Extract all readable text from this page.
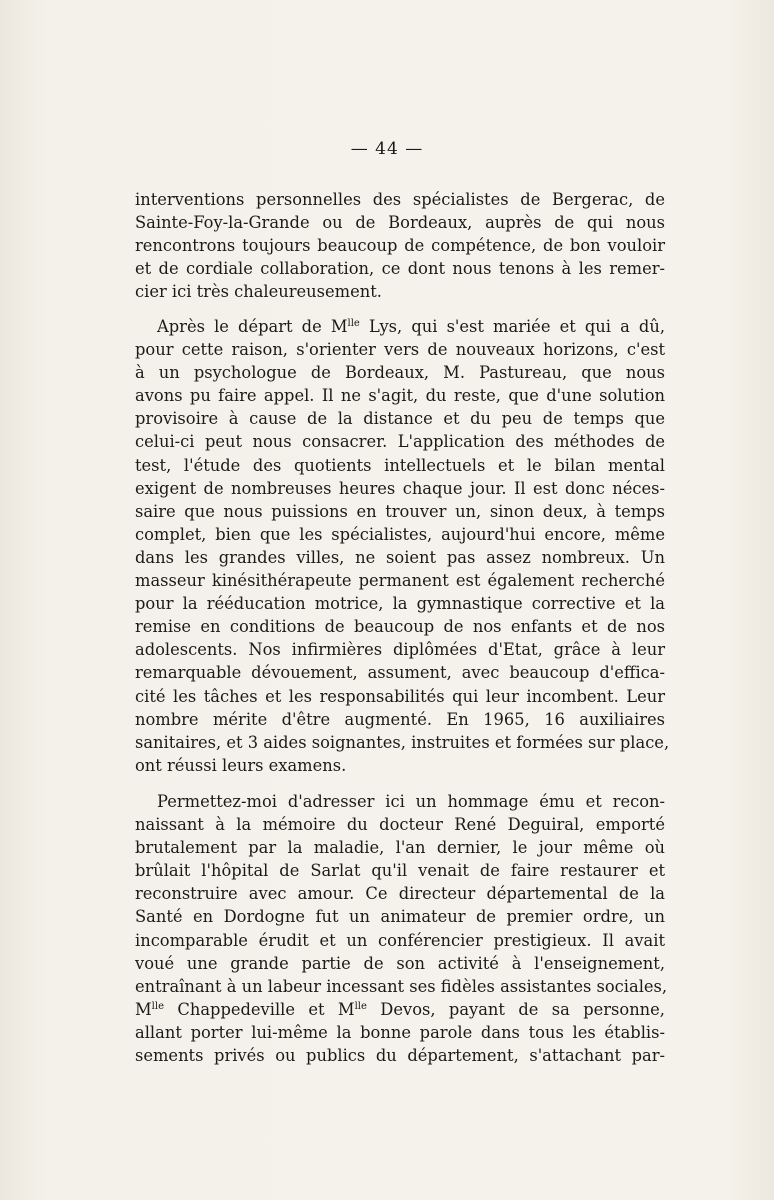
— 44 —
interventions personnelles des spécialistes de Bergerac, de
Sainte-Foy-la-Grande ou de Bordeaux, auprès de qui nous
rencontrons toujours beaucoup de compétence, de bon vouloir
et de cordiale collaboration, ce dont nous tenons à les remer-
cier ici très chaleureusement.
Après le départ de $M^{lle}$ Lys, qui s'est mariée et qui a dû,
pour cette raison, s'orienter vers de nouveaux horizons, c'est
à un psychologue de Bordeaux, M. Pastureau, que nous
avons pu faire appel. Il ne s'agit, du reste, que d'une solution
provisoire à cause de la distance et du peu de temps que
celui-ci peut nous consacrer. L'application des méthodes de
test, l'étude des quotients intellectuels et le bilan mental
exigent de nombreuses heures chaque jour. Il est donc néces-
saire que nous puissions en trouver un, sinon deux, à temps
complet, bien que les spécialistes, aujourd'hui encore, même
dans les grandes villes, ne soient pas assez nombreux. Un
masseur kinésithérapeute permanent est également recherché
pour la rééducation motrice, la gymnastique corrective et la
remise en conditions de beaucoup de nos enfants et de nos
adolescents. Nos infirmières diplômées d'Etat, grâce à leur
remarquable dévouement, assument, avec beaucoup d'effica-
cité les tâches et les responsabilités qui leur incombent. Leur
nombre mérite d'être augmenté. En 1965, 16 auxiliaires
sanitaires, et 3 aides soignantes, instruites et formées sur place,
ont réussi leurs examens.
Permettez-moi d'adresser ici un hommage ému et recon-
naissant à la mémoire du docteur René Deguiral, emporté
brutalement par la maladie, l'an dernier, le jour même où
brûlait l'hôpital de Sarlat qu'il venait de faire restaurer et
reconstruire avec amour. Ce directeur départemental de la
Santé en Dordogne fut un animateur de premier ordre, un
incomparable érudit et un conférencier prestigieux. Il avait
voué une grande partie de son activité à l'enseignement,
entraînant à un labeur incessant ses fidèles assistantes sociales,
$M^{lle}$ Chappedeville et $M^{lle}$ Devos, payant de sa personne,
allant porter lui-même la bonne parole dans tous les établis-
sements privés ou publics du département, s'attachant par-
